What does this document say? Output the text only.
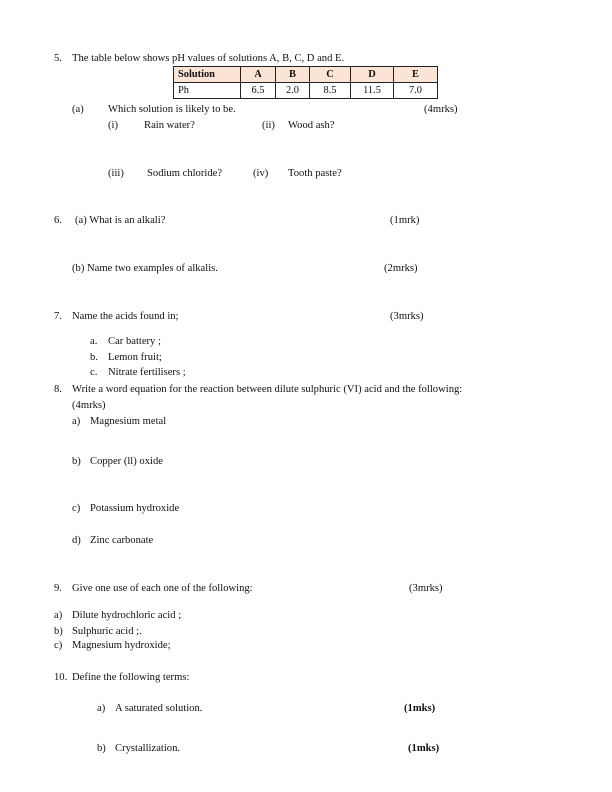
5. The table below shows pH values of solutions A, B, C, D and E.
Solution	A	B	C	D	E
Ph	6.5	2.0	8.5	11.5	7.0
(a) Which solution is likely to be.	(4mrks)
(i) Rain water?	(ii) Wood ash?
(iii) Sodium chloride?	(iv) Tooth paste?
6. (a) What is an alkali?	(1mrk)
(b) Name two examples of alkalis.	(2mrks)
7. Name the acids found in;	(3mrks)
a. Car battery ;
b. Lemon fruit;
c. Nitrate fertilisers ;
8. Write a word equation for the reaction between dilute sulphuric (VI) acid and the following:
(4mrks)
a) Magnesium metal
b) Copper (ll) oxide
c) Potassium hydroxide
d) Zinc carbonate
9. Give one use of each one of the following:	(3mrks)
a) Dilute hydrochloric acid ;
b) Sulphuric acid ;.
c) Magnesium hydroxide;
10. Define the following terms:
a) A saturated solution.	(1mks)
b) Crystallization.	(1mks)
